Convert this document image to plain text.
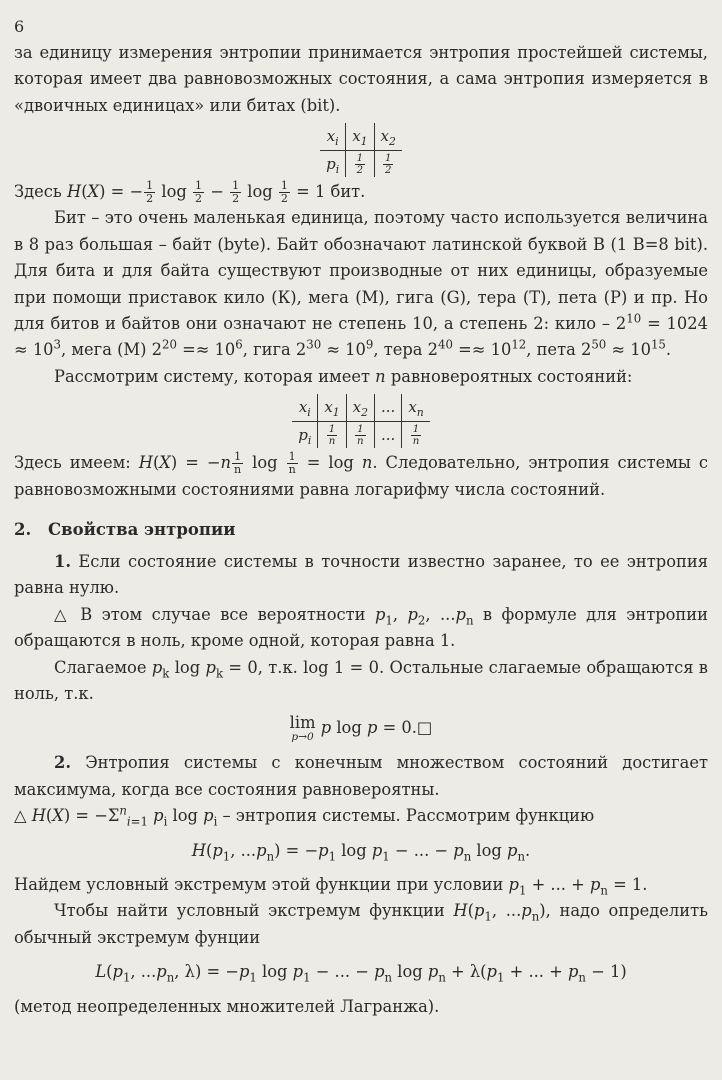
6

за единицу измерения энтропии принимается энтропия простейшей системы, которая имеет два равновозможных состояния, а сама энтропия измеряется в «двоичных единицах» или битах (bit).

$x_i$	$x_1$	$x_2$
$p_i$	$\frac{1}{2}$	$\frac{1}{2}$

Здесь H(X) = − $\frac{1}{2}$ $\log \frac{1}{2} - \frac{1}{2}$ $\log \frac{1}{2} = 1$ бит.

Бит – это очень маленькая единица, поэтому часто используется величина в 8 раз большая – байт (byte). Байт обозначают латинской буквой B (1 B=8 bit). Для бита и для байта существуют производные от них единицы, образуемые при помощи приставок кило (К), мега (М), гига (G), тера (T), пета (P) и пр. Но для битов и байтов они означают не степень 10, а степень 2: кило – $2^{10} = 1024 \approx 10^3$, мега (M) $2^{20} =\approx 10^6$, гига $2^{30} \approx 10^9$, тера $2^{40} =\approx 10^{12}$, пета $2^{50} \approx 10^{15}$.

Рассмотрим систему, которая имеет n равновероятных состояний:

$x_i$	$x_1$	$x_2$	...	$x_n$
$p_i$	$\frac{1}{n}$	$\frac{1}{n}$	...	$\frac{1}{n}$

Здесь имеем: $H(X) = -n \frac{1}{n}$ $\log \frac{1}{n} = \log n$. Следовательно, энтропия системы с равновозможными состояниями равна логарифму числа состояний.

2. Свойства энтропии

1. Если состояние системы в точности известно заранее, то ее энтропия равна нулю.

△ В этом случае все вероятности $p_1$, $p_2$, $...p_n$ в формуле для энтропии обращаются в ноль, кроме одной, которая равна 1.

Слагаемое $p_k$ $\log p_k = 0$, т.к. log 1 = 0. Остальные слагаемые обращаются в ноль, т.к.

lim
p→0 p log p = 0.□

2. Энтропия системы с конечным множеством состояний достигает максимума, когда все состояния равновероятны.

△ $H(X) = -\Sigma^n_{i=1}$ $p_i$ $\log p_i$ – энтропия системы. Рассмотрим функцию

$H(p_1$, $...p_n) = -p_1$ $\log p_1$ − ... − $p_n$ $\log p_n$.

Найдем условный экстремум этой функции при условии $p_1$ + ... + $p_n = 1$.

Чтобы найти условный экстремум функции $H(p_1$, $...p_n$), надо определить обычный экстремум фунции

$L(p_1$, $...p_n$, $\lambda) = -p_1$ $\log p_1$ − ... − $p_n$ $\log p_n + \lambda(p_1$ + ... + $p_n - 1$)

(метод неопределенных множителей Лагранжа).
